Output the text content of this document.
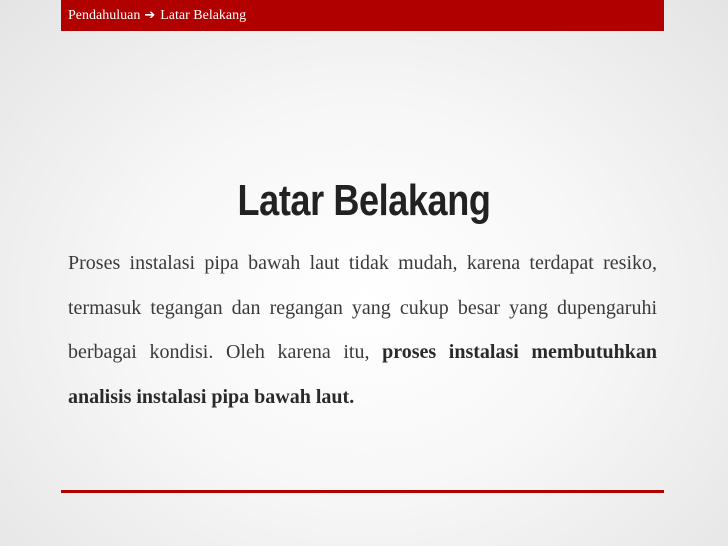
Pendahuluan ➔ Latar Belakang
Latar Belakang

Proses instalasi pipa bawah laut tidak mudah, karena terdapat resiko, termasuk tegangan dan regangan yang cukup besar yang dupengaruhi berbagai kondisi. Oleh karena itu, proses instalasi membutuhkan analisis instalasi pipa bawah laut.
